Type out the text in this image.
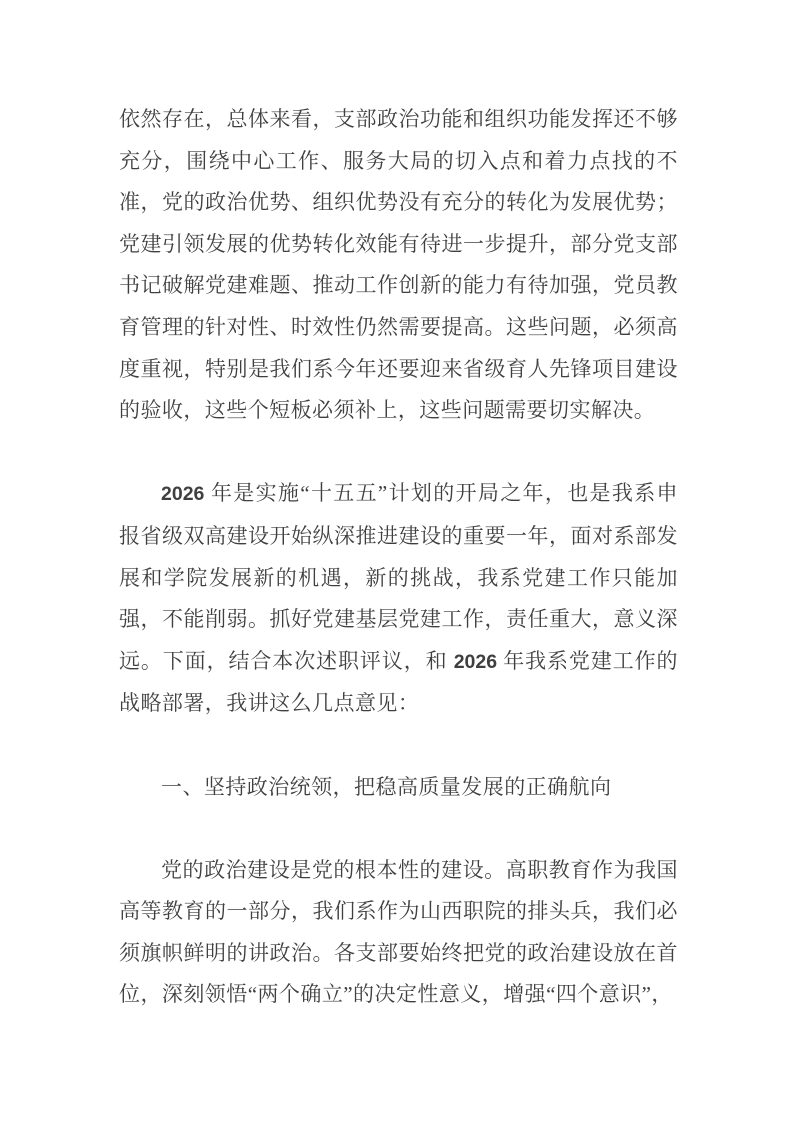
依然存在，总体来看，支部政治功能和组织功能发挥还不够充分，围绕中心工作、服务大局的切入点和着力点找的不准，党的政治优势、组织优势没有充分的转化为发展优势；党建引领发展的优势转化效能有待进一步提升，部分党支部书记破解党建难题、推动工作创新的能力有待加强，党员教育管理的针对性、时效性仍然需要提高。这些问题，必须高度重视，特别是我们系今年还要迎来省级育人先锋项目建设的验收，这些个短板必须补上，这些问题需要切实解决。

2026 年是实施“十五五”计划的开局之年，也是我系申报省级双高建设开始纵深推进建设的重要一年，面对系部发展和学院发展新的机遇，新的挑战，我系党建工作只能加强，不能削弱。抓好党建基层党建工作，责任重大，意义深远。下面，结合本次述职评议，和 2026 年我系党建工作的战略部署，我讲这么几点意见：

一、坚持政治统领，把稳高质量发展的正确航向

党的政治建设是党的根本性的建设。高职教育作为我国高等教育的一部分，我们系作为山西职院的排头兵，我们必须旗帜鲜明的讲政治。各支部要始终把党的政治建设放在首位，深刻领悟“两个确立”的决定性意义，增强“四个意识”，
